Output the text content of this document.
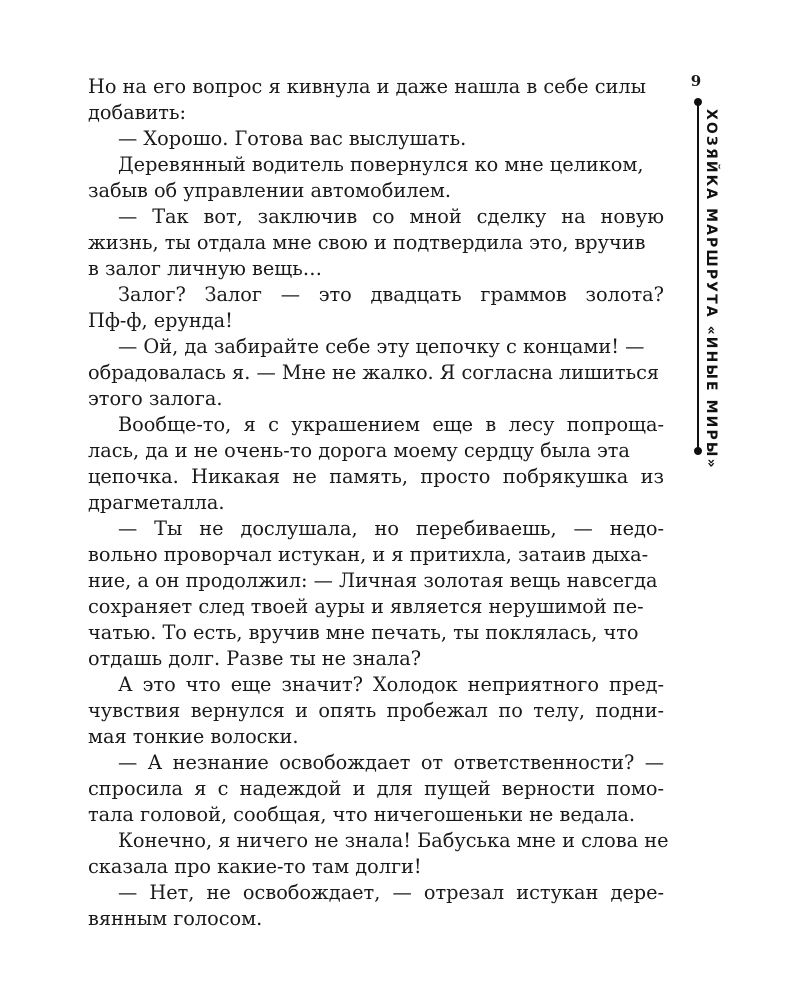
Но на его вопрос я кивнула и даже нашла в себе силы
добавить:
— Хорошо. Готова вас выслушать.
Деревянный водитель повернулся ко мне целиком,
забыв об управлении автомобилем.
— Так вот, заключив со мной сделку на новую
жизнь, ты отдала мне свою и подтвердила это, вручив
в залог личную вещь…
Залог? Залог — это двадцать граммов золота?
Пф-ф, ерунда!
— Ой, да забирайте себе эту цепочку с концами! —
обрадовалась я. — Мне не жалко. Я согласна лишиться
этого залога.
Вообще-то, я с украшением еще в лесу попроща-
лась, да и не очень-то дорога моему сердцу была эта
цепочка. Никакая не память, просто побрякушка из
драгметалла.
— Ты не дослушала, но перебиваешь, — недо-
вольно проворчал истукан, и я притихла, затаив дыха-
ние, а он продолжил: — Личная золотая вещь навсегда
сохраняет след твоей ауры и является нерушимой пе-
чатью. То есть, вручив мне печать, ты поклялась, что
отдашь долг. Разве ты не знала?
А это что еще значит? Холодок неприятного пред-
чувствия вернулся и опять пробежал по телу, подни-
мая тонкие волоски.
— А незнание освобождает от ответственности? —
спросила я с надеждой и для пущей верности помо-
тала головой, сообщая, что ничегошеньки не ведала.
Конечно, я ничего не знала! Бабуська мне и слова не
сказала про какие-то там долги!
— Нет, не освобождает, — отрезал истукан дере-
вянным голосом.
9
ХОЗЯЙКА МАРШРУТА «ИНЫЕ МИРЫ»
